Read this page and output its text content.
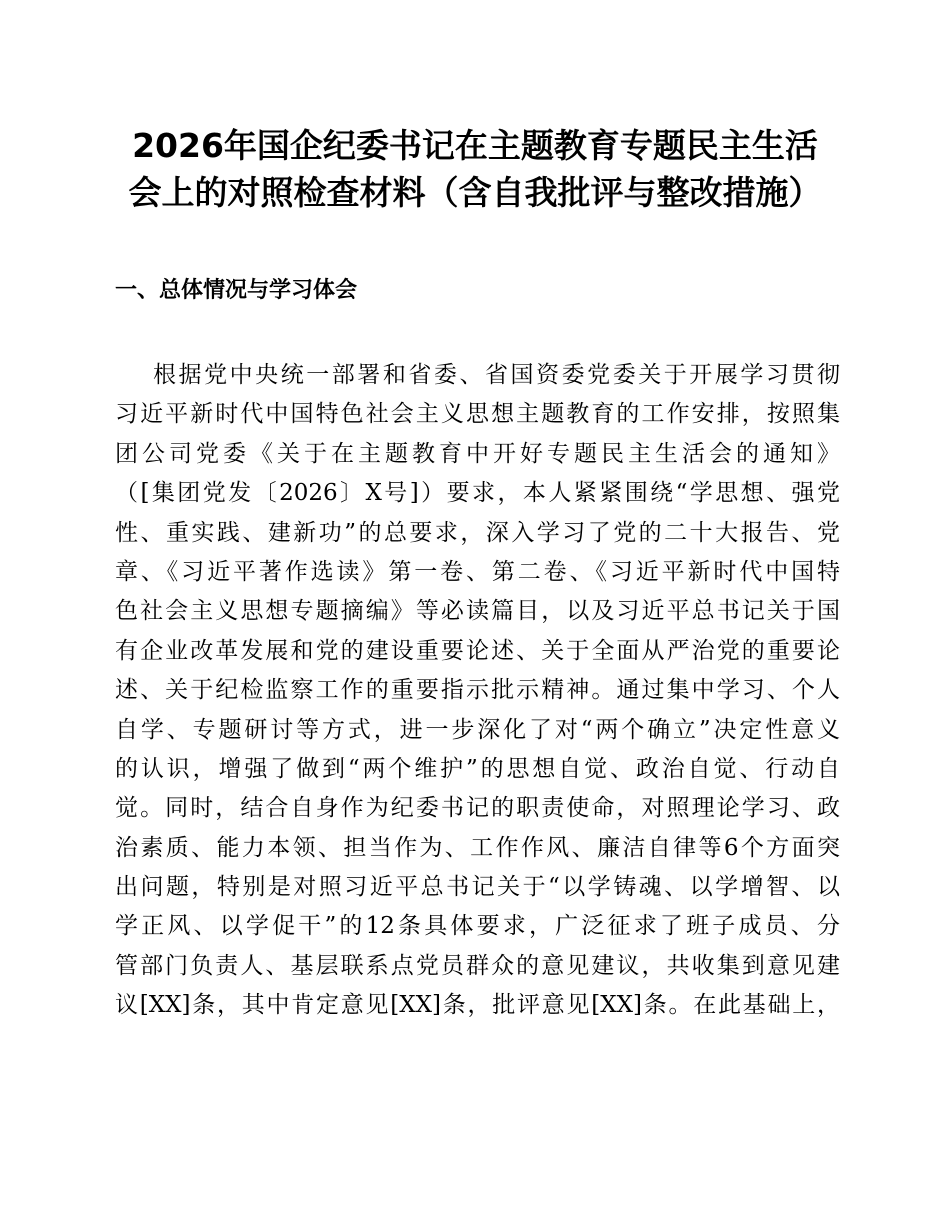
2026年国企纪委书记在主题教育专题民主生活
会上的对照检查材料（含自我批评与整改措施）
一、总体情况与学习体会
根据党中央统一部署和省委、省国资委党委关于开展学习贯彻
习近平新时代中国特色社会主义思想主题教育的工作安排，按照集
团公司党委《关于在主题教育中开好专题民主生活会的通知》
（[集团党发〔2026〕X号]）要求，本人紧紧围绕“学思想、强党
性、重实践、建新功”的总要求，深入学习了党的二十大报告、党
章、《习近平著作选读》第一卷、第二卷、《习近平新时代中国特
色社会主义思想专题摘编》等必读篇目，以及习近平总书记关于国
有企业改革发展和党的建设重要论述、关于全面从严治党的重要论
述、关于纪检监察工作的重要指示批示精神。通过集中学习、个人
自学、专题研讨等方式，进一步深化了对“两个确立”决定性意义
的认识，增强了做到“两个维护”的思想自觉、政治自觉、行动自
觉。同时，结合自身作为纪委书记的职责使命，对照理论学习、政
治素质、能力本领、担当作为、工作作风、廉洁自律等6个方面突
出问题，特别是对照习近平总书记关于“以学铸魂、以学增智、以
学正风、以学促干”的12条具体要求，广泛征求了班子成员、分
管部门负责人、基层联系点党员群众的意见建议，共收集到意见建
议[XX]条，其中肯定意见[XX]条，批评意见[XX]条。在此基础上，
